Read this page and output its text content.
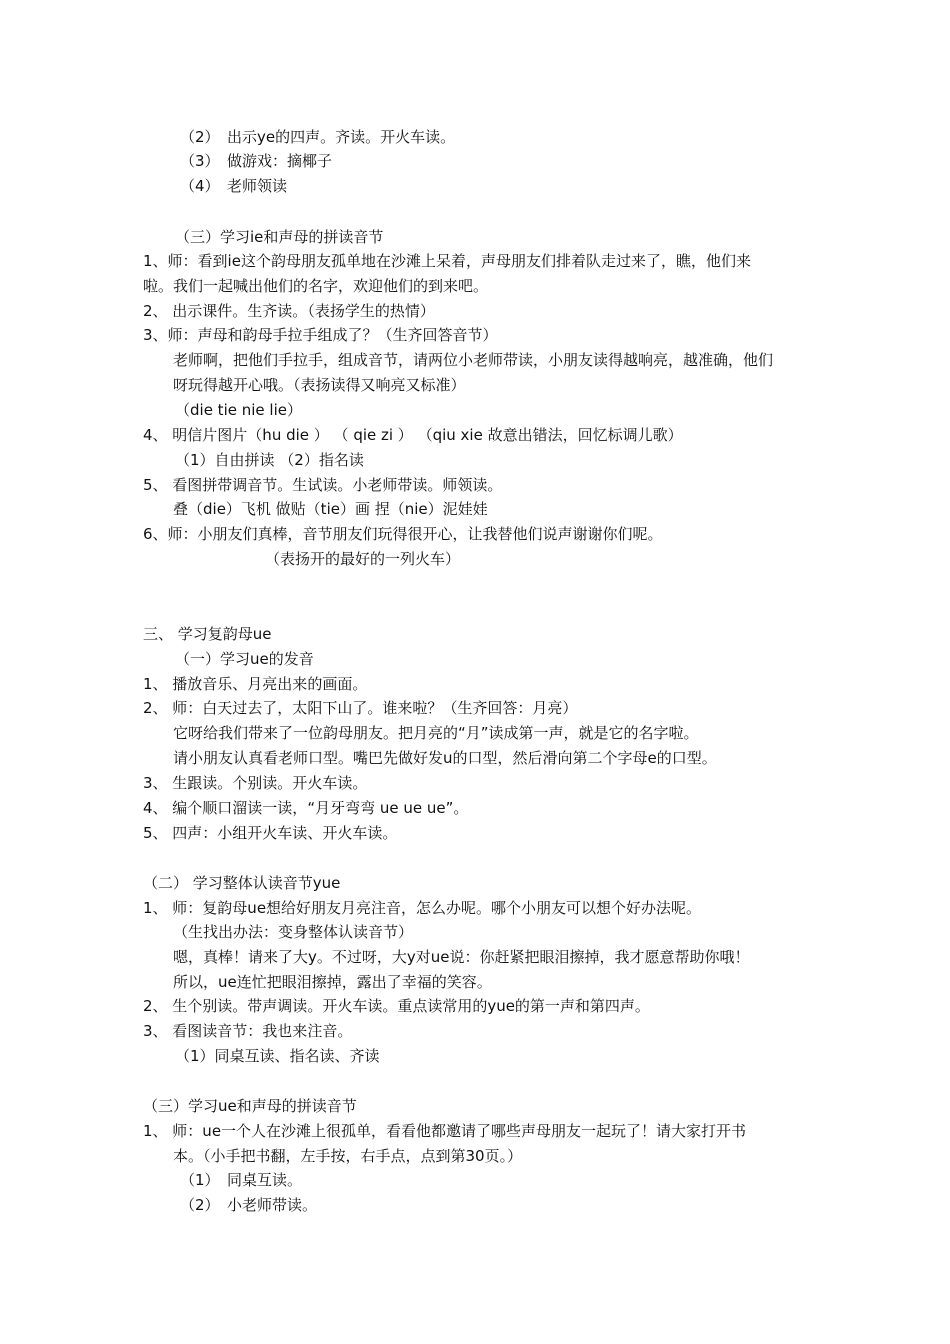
（2）　出示ye的四声。齐读。开火车读。
（3）　做游戏：摘椰子
（4）　老师领读
（三）学习ie和声母的拼读音节
1、师：看到ie这个韵母朋友孤单地在沙滩上呆着，声母朋友们排着队走过来了，瞧，他们来
啦。我们一起喊出他们的名字，欢迎他们的到来吧。
2、 出示课件。生齐读。（表扬学生的热情）
3、师：声母和韵母手拉手组成了？（生齐回答音节）
老师啊，把他们手拉手，组成音节，请两位小老师带读，小朋友读得越响亮，越准确，他们
呀玩得越开心哦。（表扬读得又响亮又标准）
（die tie nie lie）
4、 明信片图片（hu die ） （ qie zi ） （qiu xie 故意出错法，回忆标调儿歌）
（1）自由拼读 （2）指名读
5、 看图拼带调音节。生试读。小老师带读。师领读。
叠（die）飞机 做贴（tie）画 捏（nie）泥娃娃
6、师：小朋友们真棒，音节朋友们玩得很开心，让我替他们说声谢谢你们呢。
（表扬开的最好的一列火车）
三、 学习复韵母ue
（一）学习ue的发音
1、 播放音乐、月亮出来的画面。
2、 师：白天过去了，太阳下山了。谁来啦？（生齐回答：月亮）
它呀给我们带来了一位韵母朋友。把月亮的“月”读成第一声，就是它的名字啦。
请小朋友认真看老师口型。嘴巴先做好发u的口型，然后滑向第二个字母e的口型。
3、 生跟读。个别读。开火车读。
4、 编个顺口溜读一读，“月牙弯弯 ue ue ue”。
5、 四声：小组开火车读、开火车读。
（二） 学习整体认读音节yue
1、 师：复韵母ue想给好朋友月亮注音，怎么办呢。哪个小朋友可以想个好办法呢。
（生找出办法：变身整体认读音节）
嗯，真棒！请来了大y。不过呀，大y对ue说：你赶紧把眼泪擦掉，我才愿意帮助你哦！
所以，ue连忙把眼泪擦掉，露出了幸福的笑容。
2、 生个别读。带声调读。开火车读。重点读常用的yue的第一声和第四声。
3、 看图读音节：我也来注音。
（1）同桌互读、指名读、齐读
（三）学习ue和声母的拼读音节
1、 师：ue一个人在沙滩上很孤单，看看他都邀请了哪些声母朋友一起玩了！请大家打开书
本。（小手把书翻，左手按，右手点，点到第30页。）
（1）　同桌互读。
（2）　小老师带读。
